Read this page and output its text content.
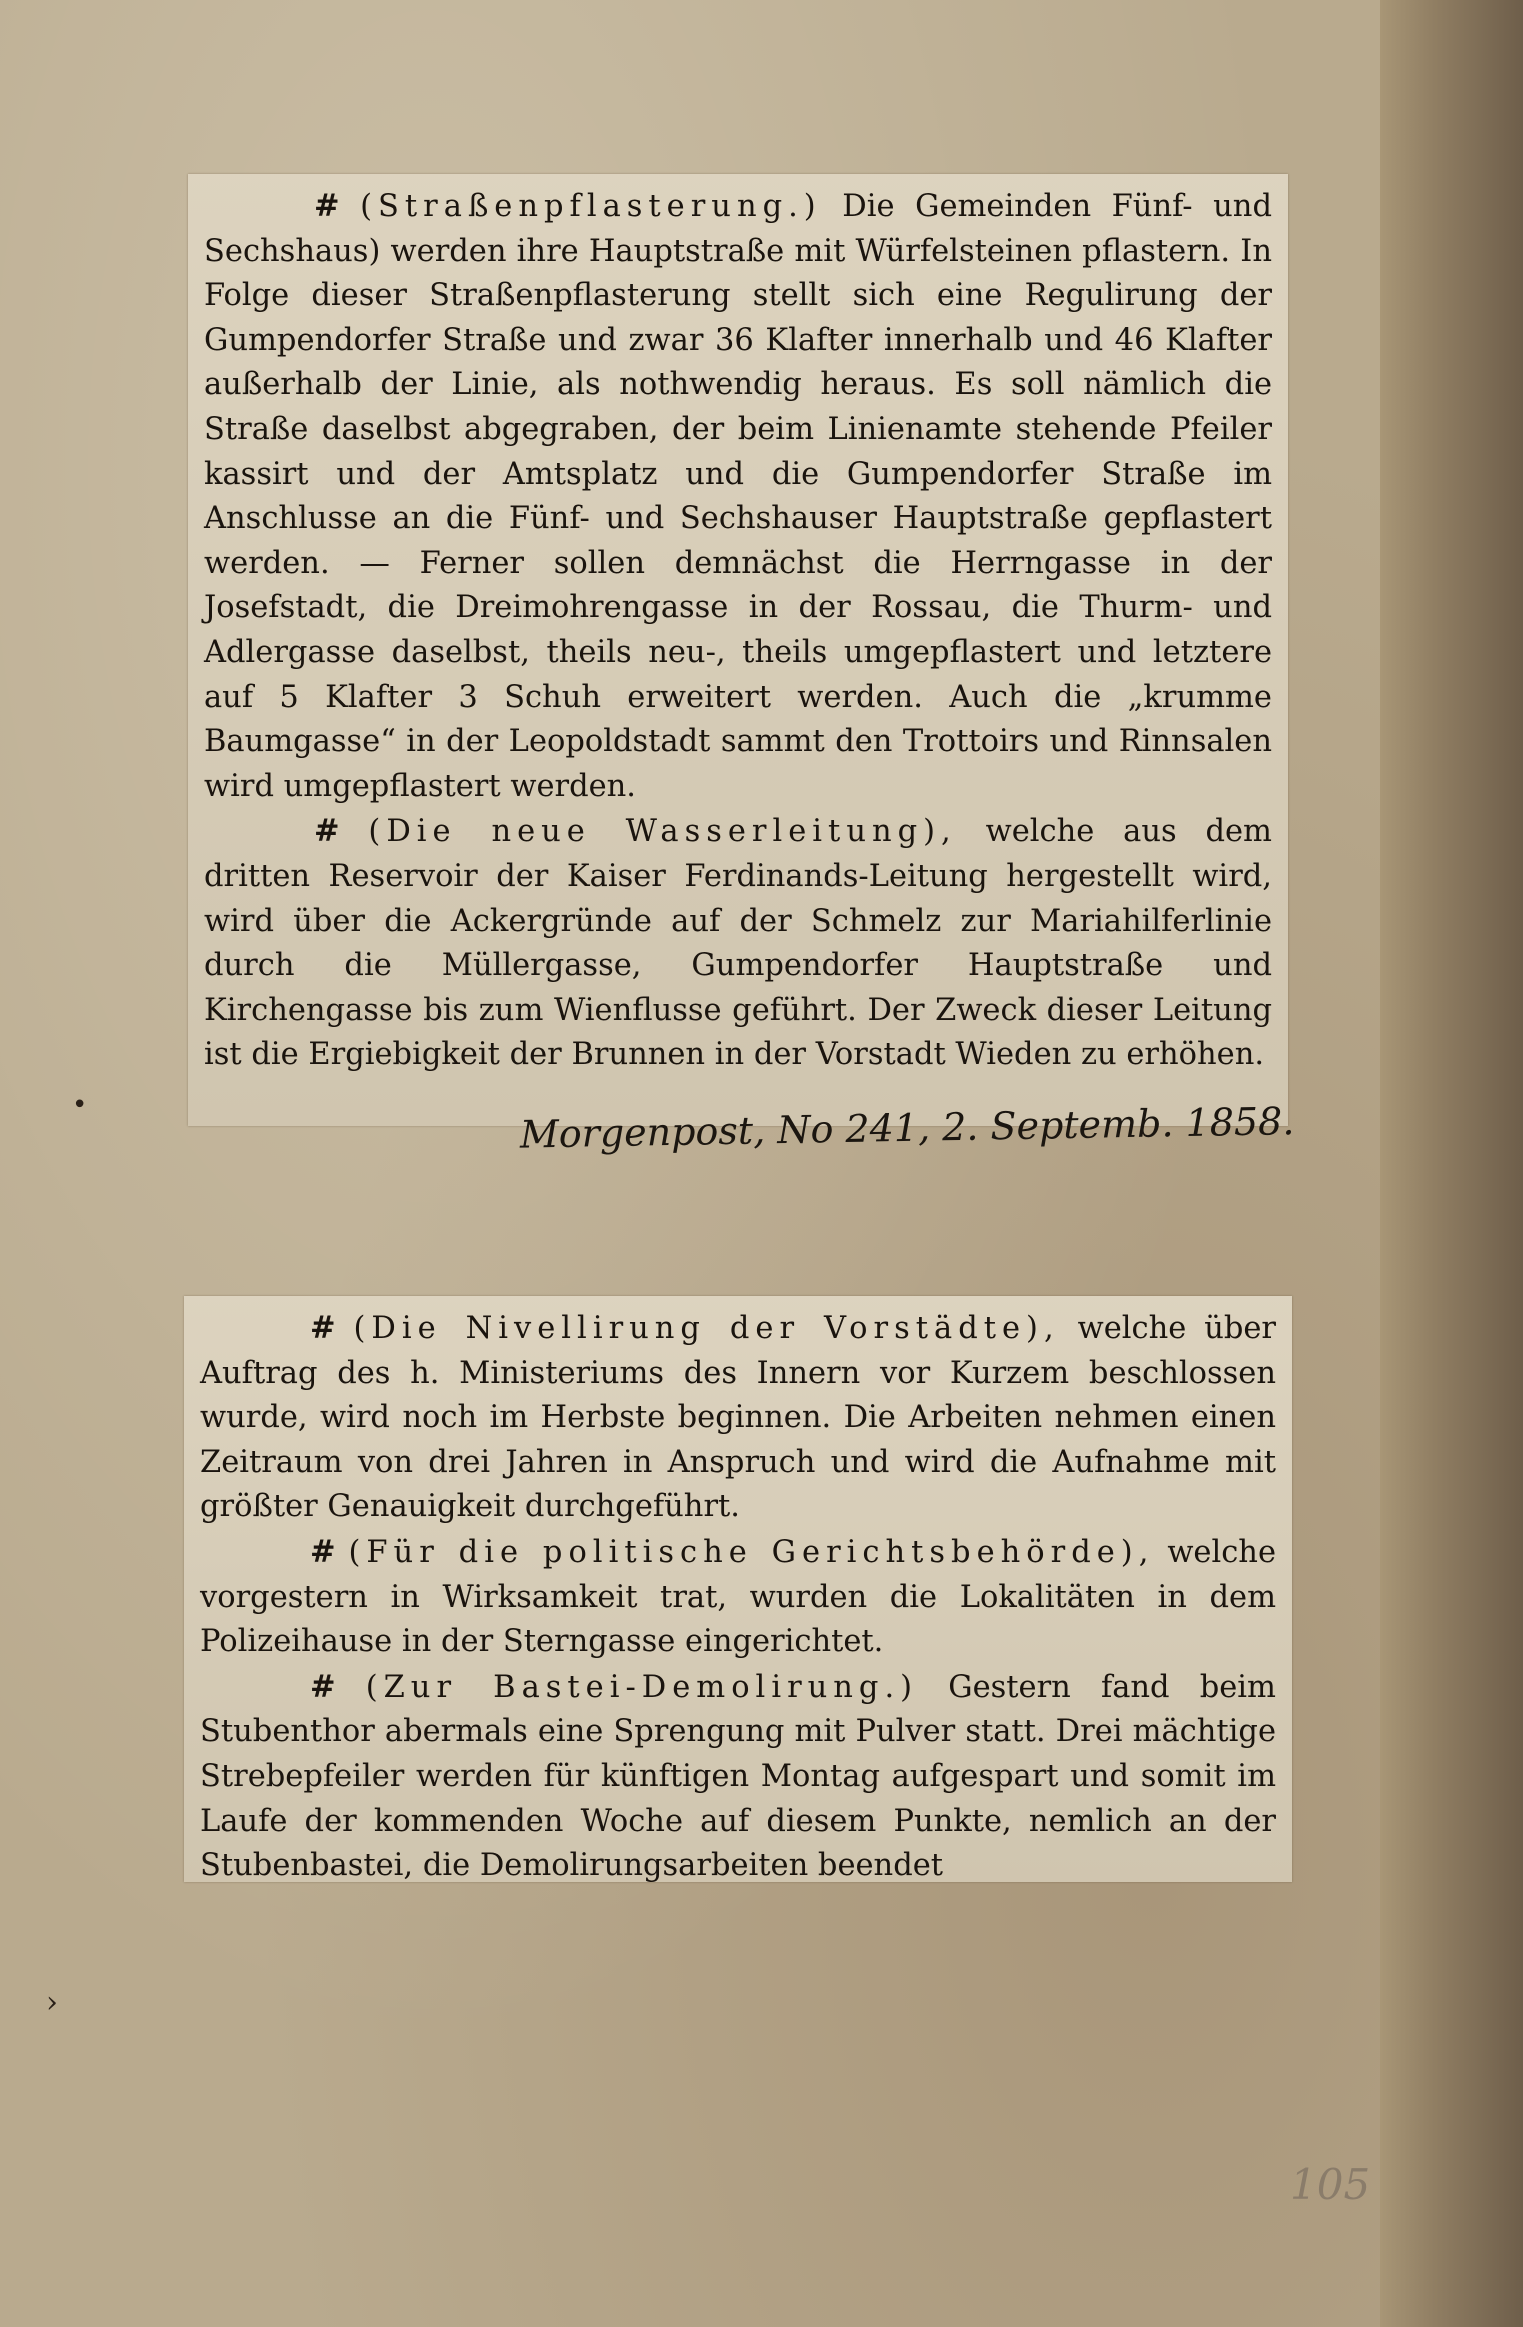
# (Straßenpflasterung.) Die Gemeinden Fünf- und Sechshaus) werden ihre Hauptstraße mit Würfelsteinen pflastern. In Folge dieser Straßenpflasterung stellt sich eine Regulirung der Gumpendorfer Straße und zwar 36 Klafter innerhalb und 46 Klafter außerhalb der Linie, als nothwendig heraus. Es soll nämlich die Straße daselbst abgegraben, der beim Linienamte stehende Pfeiler kassirt und der Amtsplatz und die Gumpendorfer Straße im Anschlusse an die Fünf- und Sechshauser Hauptstraße gepflastert werden. — Ferner sollen demnächst die Herrngasse in der Josefstadt, die Dreimohrengasse in der Rossau, die Thurm- und Adlergasse daselbst, theils neu-, theils umgepflastert und letztere auf 5 Klafter 3 Schuh erweitert werden. Auch die „krumme Baumgasse“ in der Leopoldstadt sammt den Trottoirs und Rinnsalen wird umgepflastert werden.

# (Die neue Wasserleitung), welche aus dem dritten Reservoir der Kaiser Ferdinands-Leitung hergestellt wird, wird über die Ackergründe auf der Schmelz zur Mariahilferlinie durch die Müllergasse, Gumpendorfer Hauptstraße und Kirchengasse bis zum Wienflusse geführt. Der Zweck dieser Leitung ist die Ergiebigkeit der Brunnen in der Vorstadt Wieden zu erhöhen.

Morgenpost, No 241, 2. Septemb. 1858.

# (Die Nivellirung der Vorstädte), welche über Auftrag des h. Ministeriums des Innern vor Kurzem beschlossen wurde, wird noch im Herbste beginnen. Die Arbeiten nehmen einen Zeitraum von drei Jahren in Anspruch und wird die Aufnahme mit größter Genauigkeit durchgeführt.

# (Für die politische Gerichtsbehörde), welche vorgestern in Wirksamkeit trat, wurden die Lokalitäten in dem Polizeihause in der Sterngasse eingerichtet.

# (Zur Bastei-Demolirung.) Gestern fand beim Stubenthor abermals eine Sprengung mit Pulver statt. Drei mächtige Strebepfeiler werden für künftigen Montag aufgespart und somit im Laufe der kommenden Woche auf diesem Punkte, nemlich an der Stubenbastei, die Demolirungsarbeiten beendet

•
›
105
